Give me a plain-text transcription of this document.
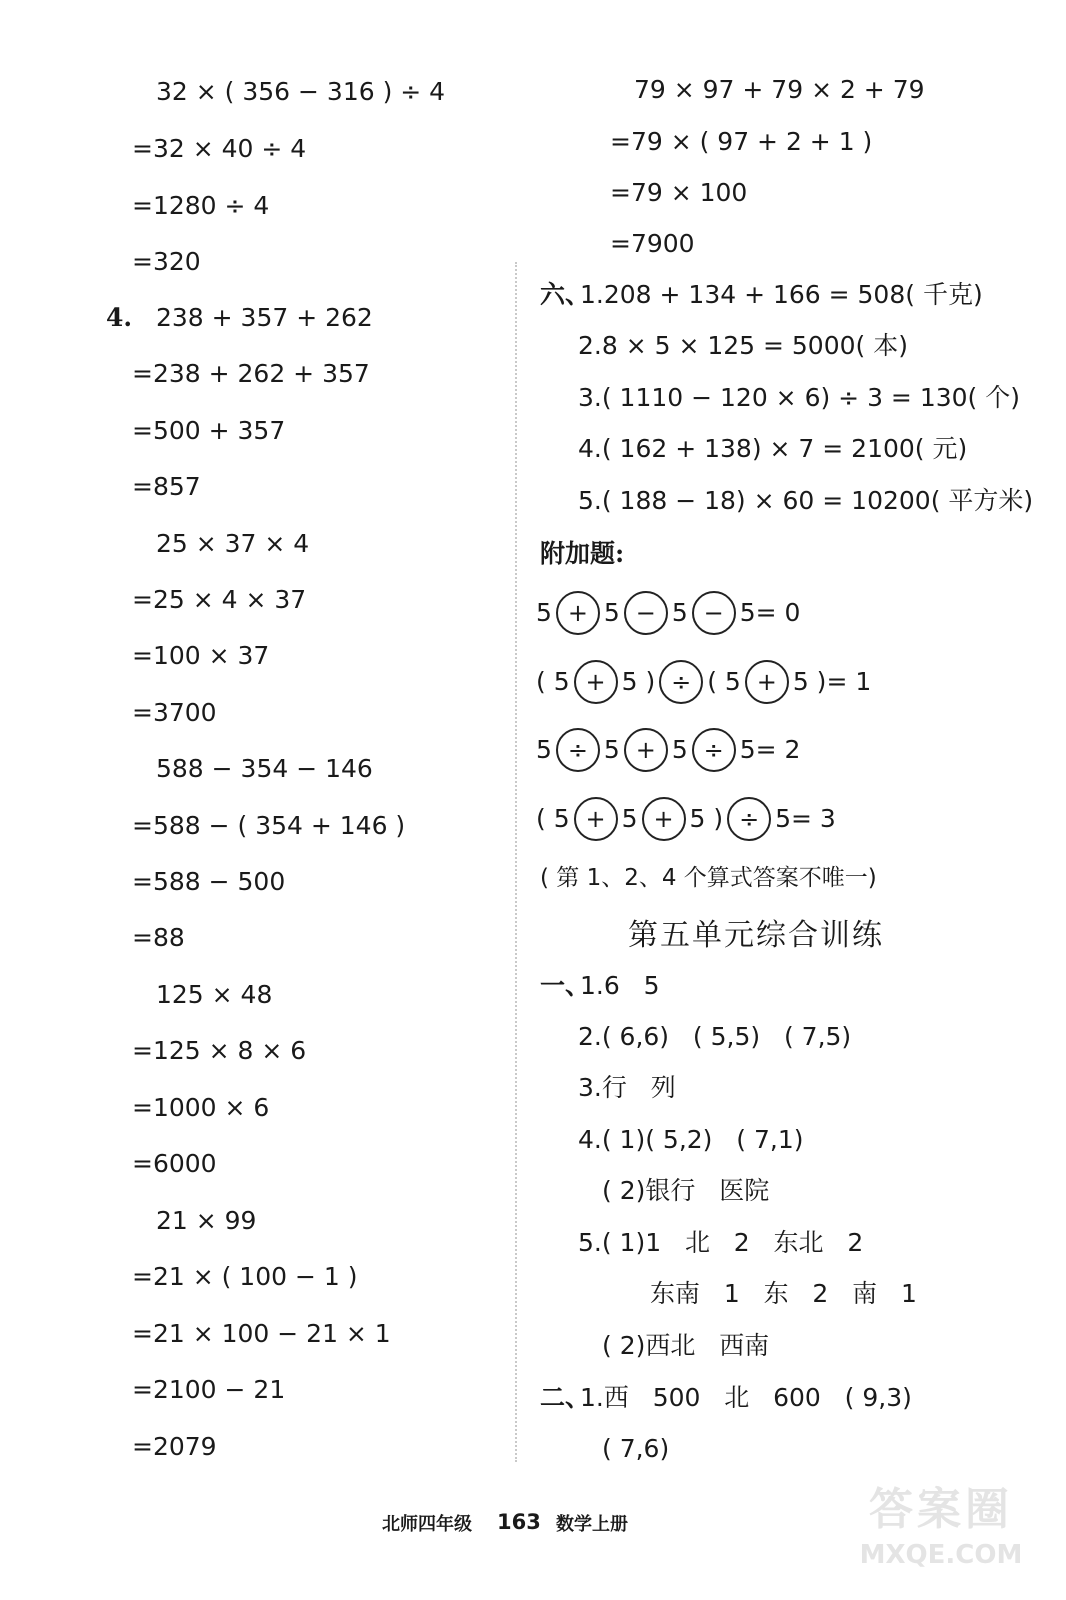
32 × ( 356 − 316 ) ÷ 4
=32 × 40 ÷ 4
=1280 ÷ 4
=320
4. 238 + 357 + 262
=238 + 262 + 357
=500 + 357
=857
25 × 37 × 4
=25 × 4 × 37
=100 × 37
=3700
588 − 354 − 146
=588 − ( 354 + 146 )
=588 − 500
=88
125 × 48
=125 × 8 × 6
=1000 × 6
=6000
21 × 99
=21 × ( 100 − 1 )
=21 × 100 − 21 × 1
=2100 − 21
=2079
79 × 97 + 79 × 2 + 79
=79 × ( 97 + 2 + 1 )
=79 × 100
=7900
六、
1.208 + 134 + 166 = 508( 千克)
2.8 × 5 × 125 = 5000( 本)
3.( 1110 − 120 × 6) ÷ 3 = 130( 个)
4.( 162 + 138) × 7 = 2100( 元)
5.( 188 − 18) × 60 = 10200( 平方米)
附加题:
5 + 5 − 5 − 5= 0
( 5 + 5 ) ÷ ( 5 + 5 )= 1
5 ÷ 5 + 5 ÷ 5= 2
( 5 + 5 + 5 ) ÷ 5= 3
( 第 1、2、4 个算式答案不唯一)
第五单元综合训练
一、
1.6   5
2.( 6,6)   ( 5,5)   ( 7,5)
3.行   列
4.( 1)( 5,2)   ( 7,1)
( 2)银行   医院
5.( 1)1   北   2   东北   2
东南   1   东   2   南   1
( 2)西北   西南
二、
1.西   500   北   600   ( 9,3)
( 7,6)
北师四年级 163 数学上册	答案圈
MXQE.COM
